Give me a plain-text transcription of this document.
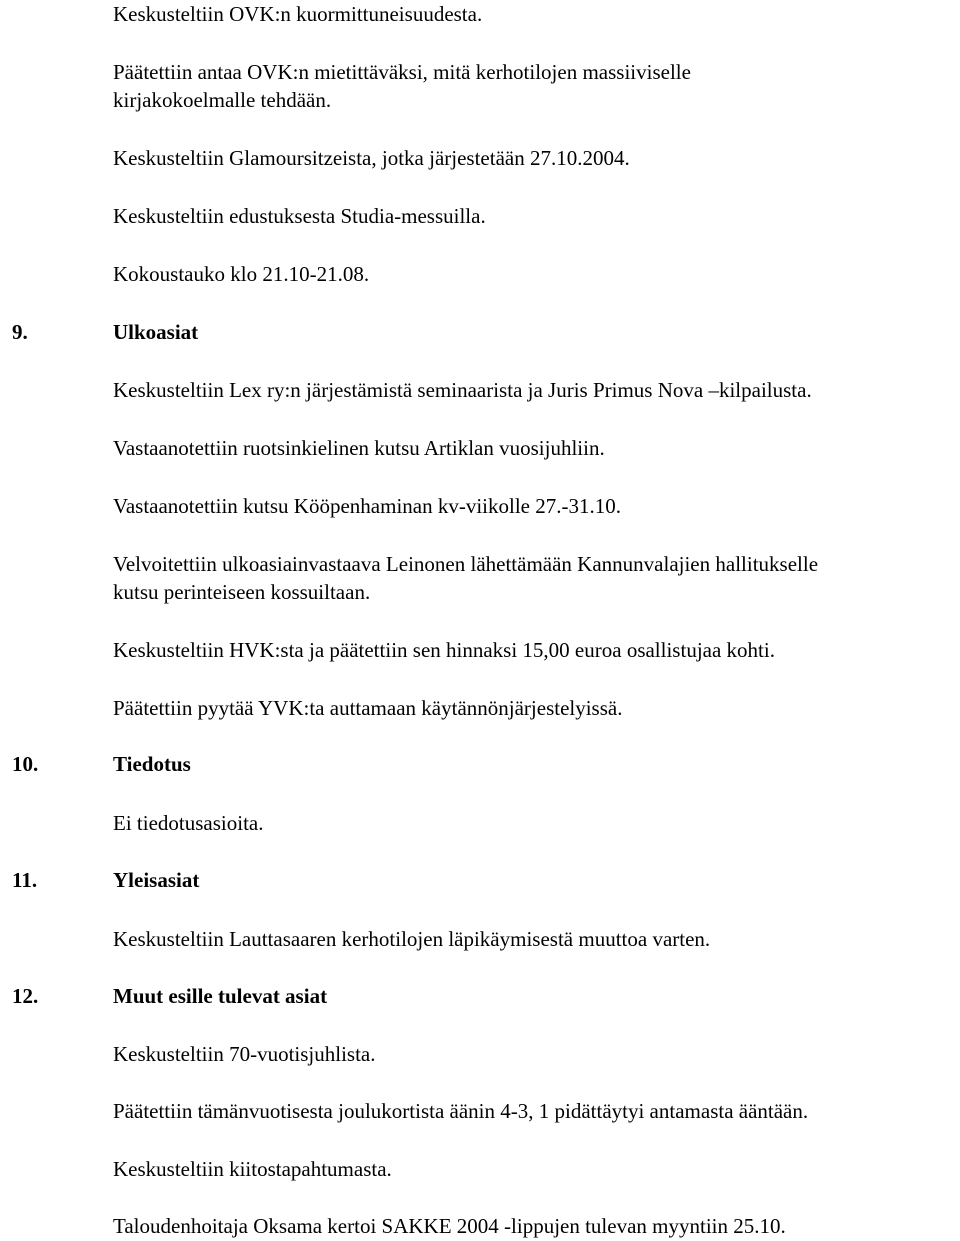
Keskusteltiin OVK:n kuormittuneisuudesta.

Päätettiin antaa OVK:n mietittäväksi, mitä kerhotilojen massiiviselle

kirjakokoelmalle tehdään.

Keskusteltiin Glamoursitzeista, jotka järjestetään 27.10.2004.

Keskusteltiin edustuksesta Studia-messuilla.

Kokoustauko klo 21.10-21.08.

9.	Ulkoasiat

Keskusteltiin Lex ry:n järjestämistä seminaarista ja Juris Primus Nova –kilpailusta.

Vastaanotettiin ruotsinkielinen kutsu Artiklan vuosijuhliin.

Vastaanotettiin kutsu Kööpenhaminan kv-viikolle 27.-31.10.

Velvoitettiin ulkoasiainvastaava Leinonen lähettämään Kannunvalajien hallitukselle

kutsu perinteiseen kossuiltaan.

Keskusteltiin HVK:sta ja päätettiin sen hinnaksi 15,00 euroa osallistujaa kohti.

Päätettiin pyytää YVK:ta auttamaan käytännönjärjestelyissä.

10.	Tiedotus

Ei tiedotusasioita.

11.	Yleisasiat

Keskusteltiin Lauttasaaren kerhotilojen läpikäymisestä muuttoa varten.

12.	Muut esille tulevat asiat

Keskusteltiin 70-vuotisjuhlista.

Päätettiin tämänvuotisesta joulukortista äänin 4-3, 1 pidättäytyi antamasta ääntään.

Keskusteltiin kiitostapahtumasta.

Taloudenhoitaja Oksama kertoi SAKKE 2004 -lippujen tulevan myyntiin 25.10.
